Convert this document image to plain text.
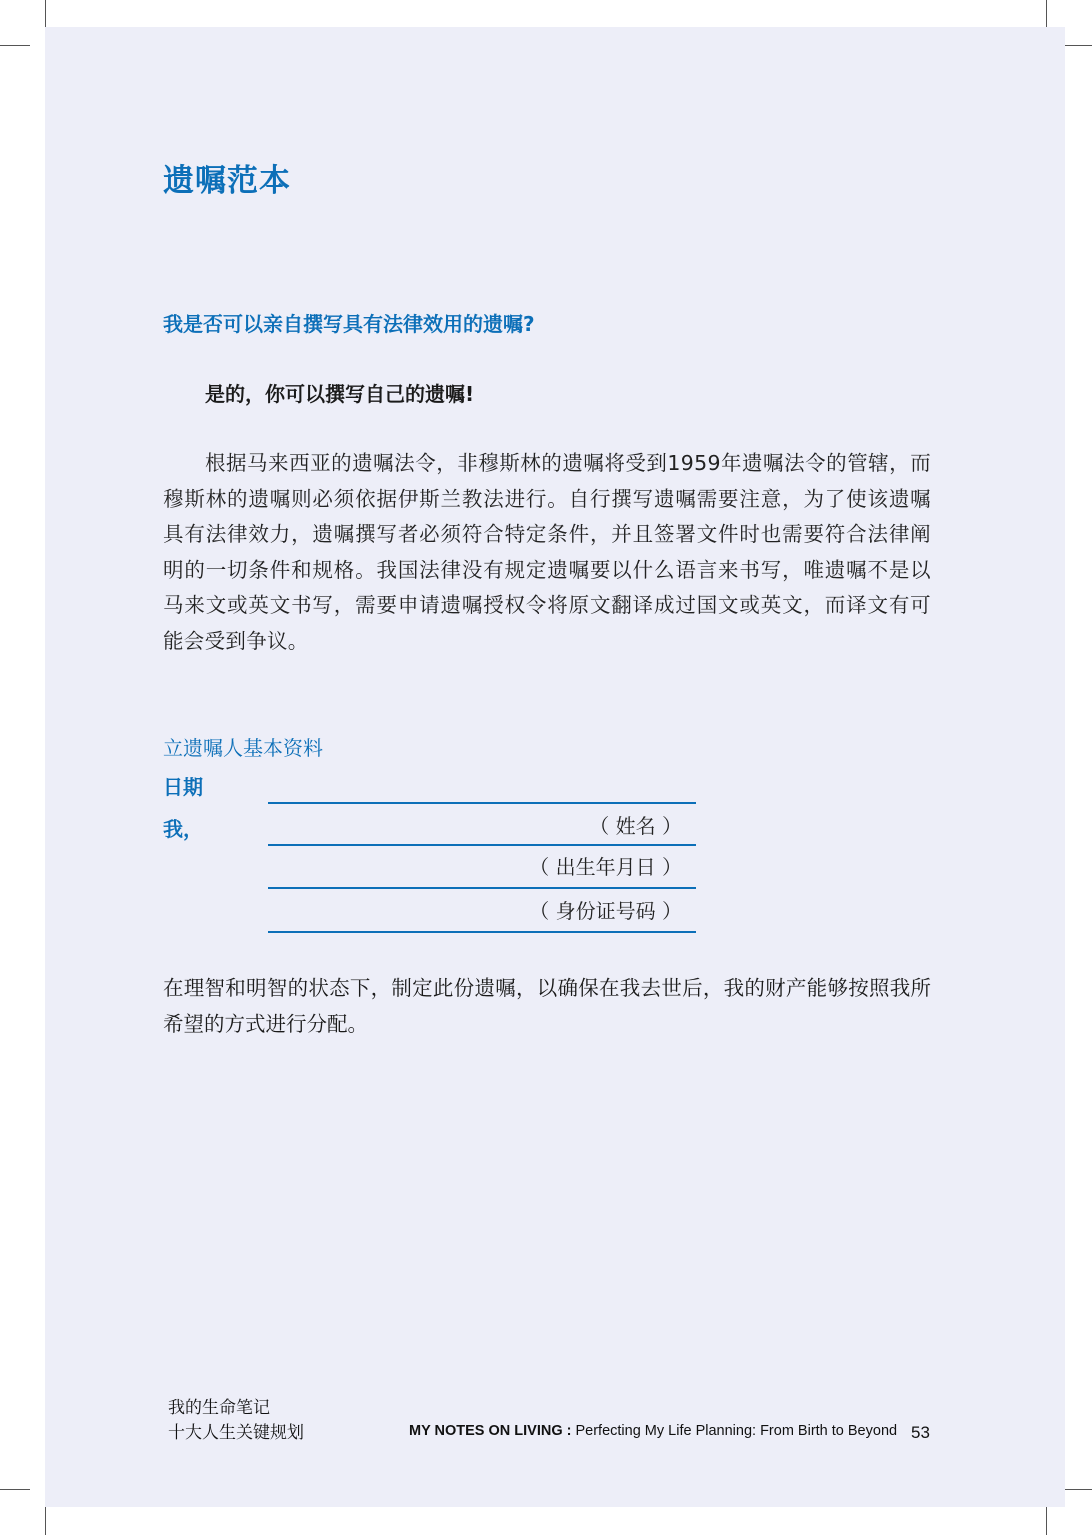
遗嘱范本
我是否可以亲自撰写具有法律效用的遗嘱?
是的，你可以撰写自己的遗嘱!
根据马来西亚的遗嘱法令，非穆斯林的遗嘱将受到1959年遗嘱法令的管辖，而穆斯林的遗嘱则必须依据伊斯兰教法进行。自行撰写遗嘱需要注意，为了使该遗嘱具有法律效力，遗嘱撰写者必须符合特定条件，并且签署文件时也需要符合法律阐明的一切条件和规格。我国法律没有规定遗嘱要以什么语言来书写，唯遗嘱不是以马来文或英文书写，需要申请遗嘱授权令将原文翻译成过国文或英文，而译文有可能会受到争议。
立遗嘱人基本资料
日期
我，	（ 姓名 ）
（ 出生年月日 ）
（ 身份证号码 ）
在理智和明智的状态下，制定此份遗嘱，以确保在我去世后，我的财产能够按照我所希望的方式进行分配。
我的生命笔记
十大人生关键规划	MY NOTES ON LIVING : Perfecting My Life Planning: From Birth to Beyond 53
